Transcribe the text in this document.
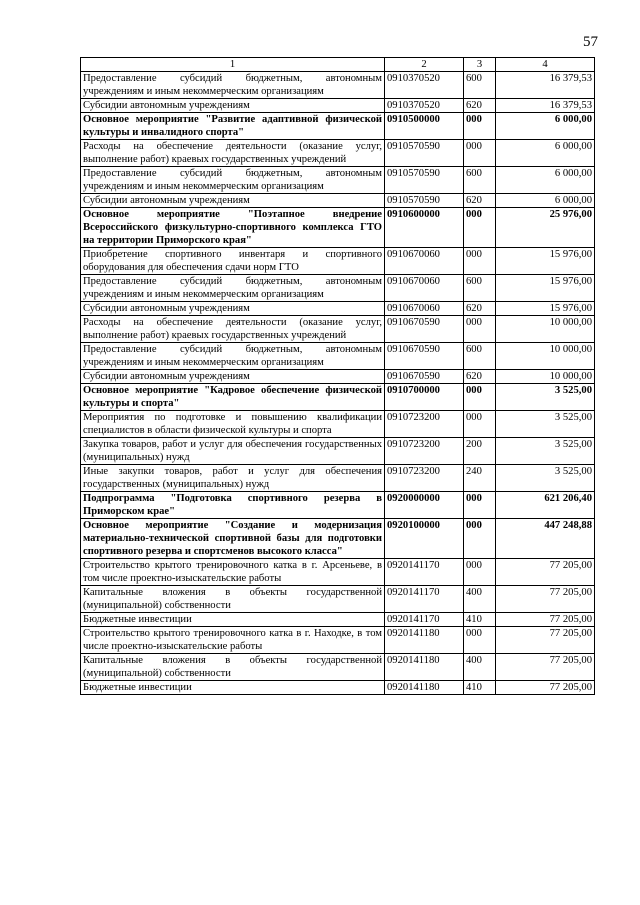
57
1	2	3	4
Предоставление субсидий бюджетным, автономным учреждениям и иным некоммерческим организациям	0910370520	600	16 379,53
Субсидии автономным учреждениям	0910370520	620	16 379,53
Основное мероприятие "Развитие адаптивной физической культуры и инвалидного спорта"	0910500000	000	6 000,00
Расходы на обеспечение деятельности (оказание услуг, выполнение работ) краевых государственных учреждений	0910570590	000	6 000,00
Предоставление субсидий бюджетным, автономным учреждениям и иным некоммерческим организациям	0910570590	600	6 000,00
Субсидии автономным учреждениям	0910570590	620	6 000,00
Основное мероприятие "Поэтапное внедрение Всероссийского физкультурно-спортивного комплекса ГТО на территории Приморского края"	0910600000	000	25 976,00
Приобретение спортивного инвентаря и спортивного оборудования для обеспечения сдачи норм ГТО	0910670060	000	15 976,00
Предоставление субсидий бюджетным, автономным учреждениям и иным некоммерческим организациям	0910670060	600	15 976,00
Субсидии автономным учреждениям	0910670060	620	15 976,00
Расходы на обеспечение деятельности (оказание услуг, выполнение работ) краевых государственных учреждений	0910670590	000	10 000,00
Предоставление субсидий бюджетным, автономным учреждениям и иным некоммерческим организациям	0910670590	600	10 000,00
Субсидии автономным учреждениям	0910670590	620	10 000,00
Основное мероприятие "Кадровое обеспечение физической культуры и спорта"	0910700000	000	3 525,00
Мероприятия по подготовке и повышению квалификации специалистов в области физической культуры и спорта	0910723200	000	3 525,00
Закупка товаров, работ и услуг для обеспечения государственных (муниципальных) нужд	0910723200	200	3 525,00
Иные закупки товаров, работ и услуг для обеспечения государственных (муниципальных) нужд	0910723200	240	3 525,00
Подпрограмма "Подготовка спортивного резерва в Приморском крае"	0920000000	000	621 206,40
Основное мероприятие "Создание и модернизация материально-технической спортивной базы для подготовки спортивного резерва и спортсменов высокого класса"	0920100000	000	447 248,88
Строительство крытого тренировочного катка в г. Арсеньеве, в том числе проектно-изыскательские работы	0920141170	000	77 205,00
Капитальные вложения в объекты государственной (муниципальной) собственности	0920141170	400	77 205,00
Бюджетные инвестиции	0920141170	410	77 205,00
Строительство крытого тренировочного катка в г. Находке, в том числе проектно-изыскательские работы	0920141180	000	77 205,00
Капитальные вложения в объекты государственной (муниципальной) собственности	0920141180	400	77 205,00
Бюджетные инвестиции	0920141180	410	77 205,00
